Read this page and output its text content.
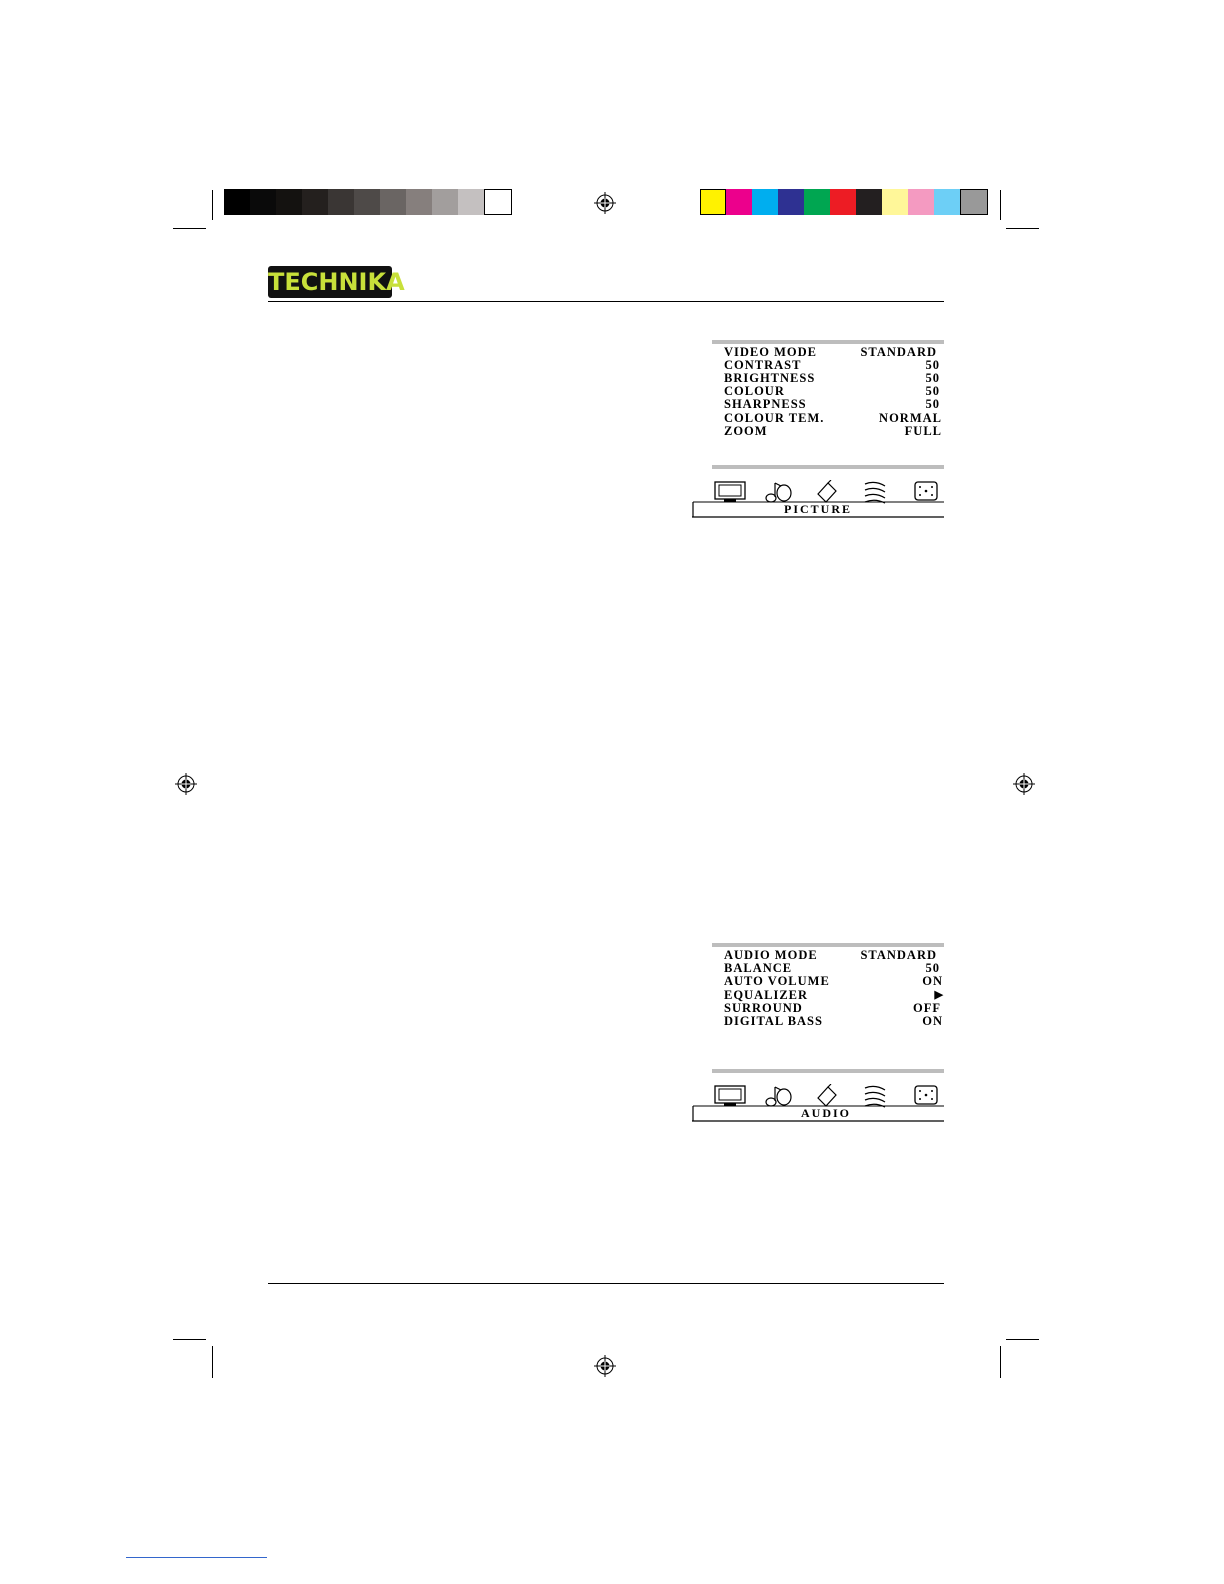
TECHNIKA
VIDEO MODE	STANDARD
CONTRAST	50
BRIGHTNESS	50
COLOUR	50
SHARPNESS	50
COLOUR TEM.	NORMAL
ZOOM	FULL
PICTURE
AUDIO MODE	STANDARD
BALANCE	50
AUTO VOLUME	ON
EQUALIZER	▶
SURROUND	OFF
DIGITAL BASS	ON
AUDIO
